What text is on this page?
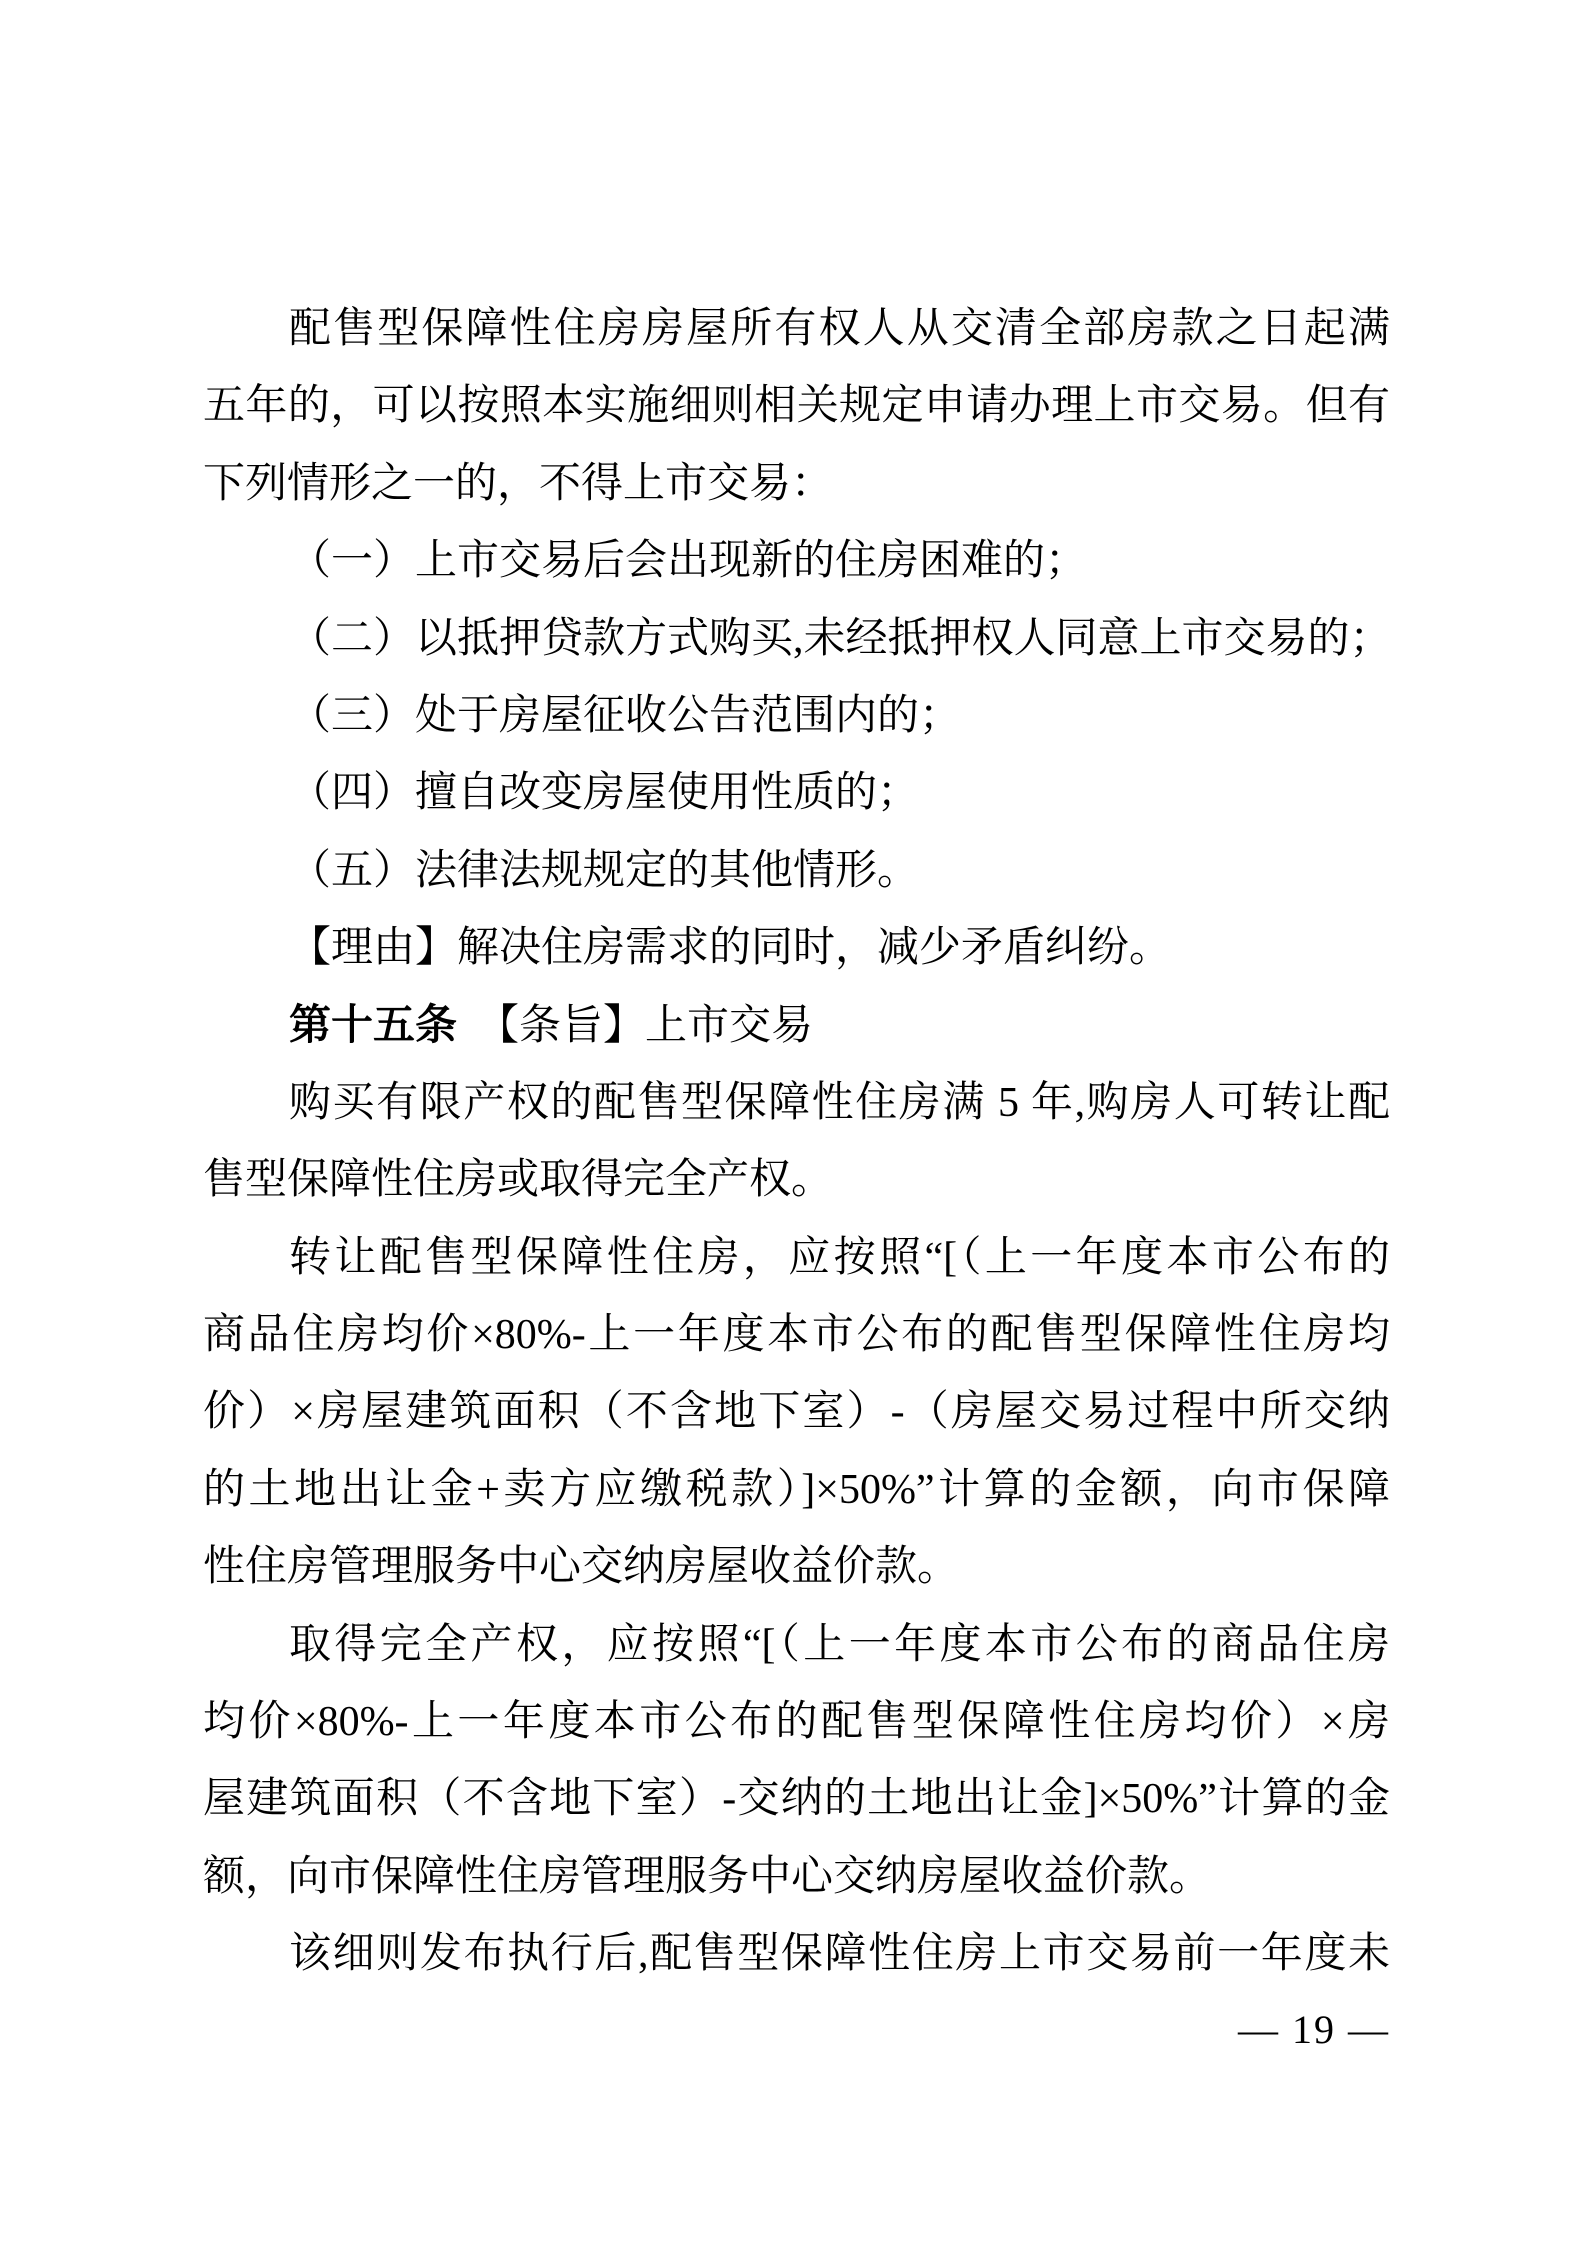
配售型保障性住房房屋所有权人从交清全部房款之日起满
五年的，可以按照本实施细则相关规定申请办理上市交易。但有
下列情形之一的，不得上市交易：
（一）上市交易后会出现新的住房困难的；
（二）以抵押贷款方式购买,未经抵押权人同意上市交易的；
（三）处于房屋征收公告范围内的；
（四）擅自改变房屋使用性质的；
（五）法律法规规定的其他情形。
【理由】解决住房需求的同时，减少矛盾纠纷。
第十五条 【条旨】上市交易
购买有限产权的配售型保障性住房满 5 年,购房人可转让配
售型保障性住房或取得完全产权。
转让配售型保障性住房，应按照“[（上一年度本市公布的
商品住房均价×80%-上一年度本市公布的配售型保障性住房均
价）×房屋建筑面积（不含地下室）-（房屋交易过程中所交纳
的土地出让金+卖方应缴税款）]×50%”计算的金额，向市保障
性住房管理服务中心交纳房屋收益价款。
取得完全产权，应按照“[（上一年度本市公布的商品住房
均价×80%-上一年度本市公布的配售型保障性住房均价）×房
屋建筑面积（不含地下室）-交纳的土地出让金]×50%”计算的金
额，向市保障性住房管理服务中心交纳房屋收益价款。
该细则发布执行后,配售型保障性住房上市交易前一年度未
— 19 —
